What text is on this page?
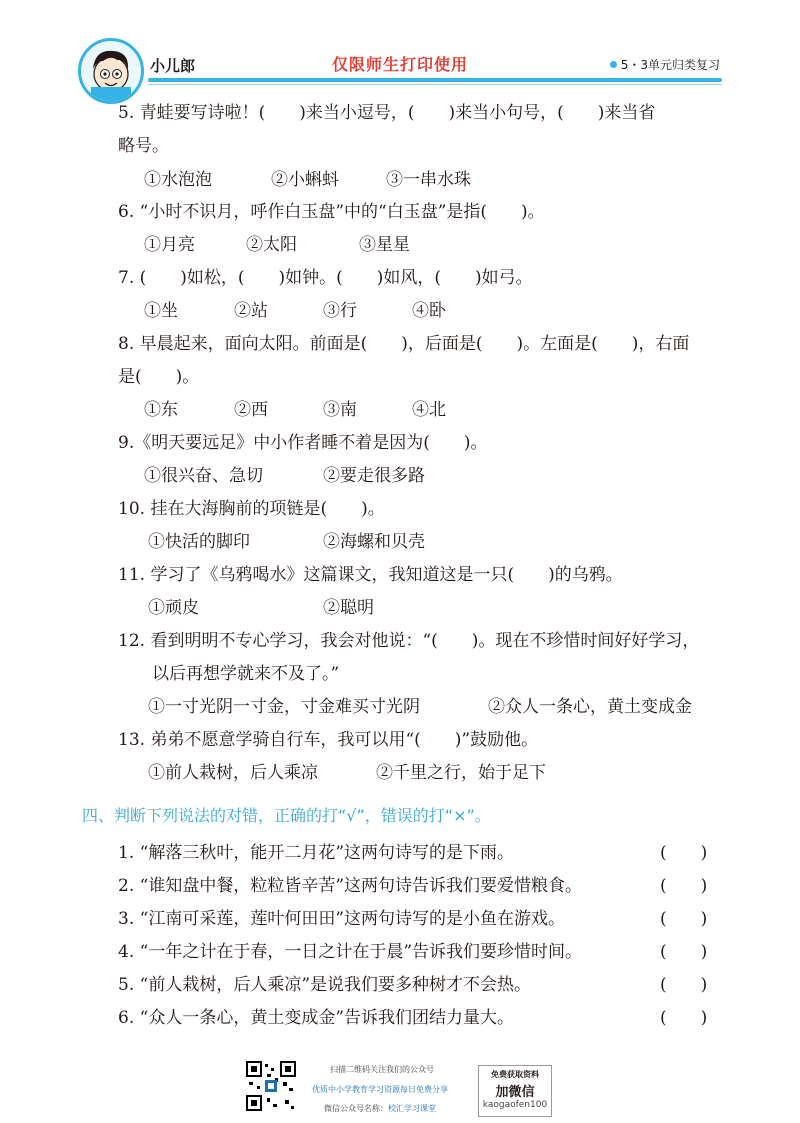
小儿郎	仅限师生打印使用	5・3单元归类复习
5. 青蛙要写诗啦！(　　)来当小逗号，(　　)来当小句号，(　　)来当省
略号。
①水泡泡	②小蝌蚪	③一串水珠
6. “小时不识月，呼作白玉盘”中的“白玉盘”是指(　　)。
①月亮	②太阳	③星星
7. (　　)如松，(　　)如钟。(　　)如风，(　　)如弓。
①坐	②站	③行	④卧
8. 早晨起来，面向太阳。前面是(　　)，后面是(　　)。左面是(　　)，右面
是(　　)。
①东	②西	③南	④北
9.《明天要远足》中小作者睡不着是因为(　　)。
①很兴奋、急切	②要走很多路
10. 挂在大海胸前的项链是(　　)。
①快活的脚印	②海螺和贝壳
11. 学习了《乌鸦喝水》这篇课文，我知道这是一只(　　)的乌鸦。
①顽皮	②聪明
12. 看到明明不专心学习，我会对他说：“(　　)。现在不珍惜时间好好学习，
以后再想学就来不及了。”
①一寸光阴一寸金，寸金难买寸光阴	②众人一条心，黄土变成金
13. 弟弟不愿意学骑自行车，我可以用“(　　)”鼓励他。
①前人栽树，后人乘凉	②千里之行，始于足下
四、判断下列说法的对错，正确的打“√”，错误的打“×”。
1. “解落三秋叶，能开二月花”这两句诗写的是下雨。	(　　)
2. “谁知盘中餐，粒粒皆辛苦”这两句诗告诉我们要爱惜粮食。	(　　)
3. “江南可采莲，莲叶何田田”这两句诗写的是小鱼在游戏。	(　　)
4. “一年之计在于春，一日之计在于晨”告诉我们要珍惜时间。	(　　)
5. “前人栽树，后人乘凉”是说我们要多种树才不会热。	(　　)
6. “众人一条心，黄土变成金”告诉我们团结力量大。	(　　)
扫描二维码关注我们的公众号
优质中小学教育学习资源每日免费分享
微信公众号名称：校汇学习课堂
免费获取资料
加微信
kaogaofen100
